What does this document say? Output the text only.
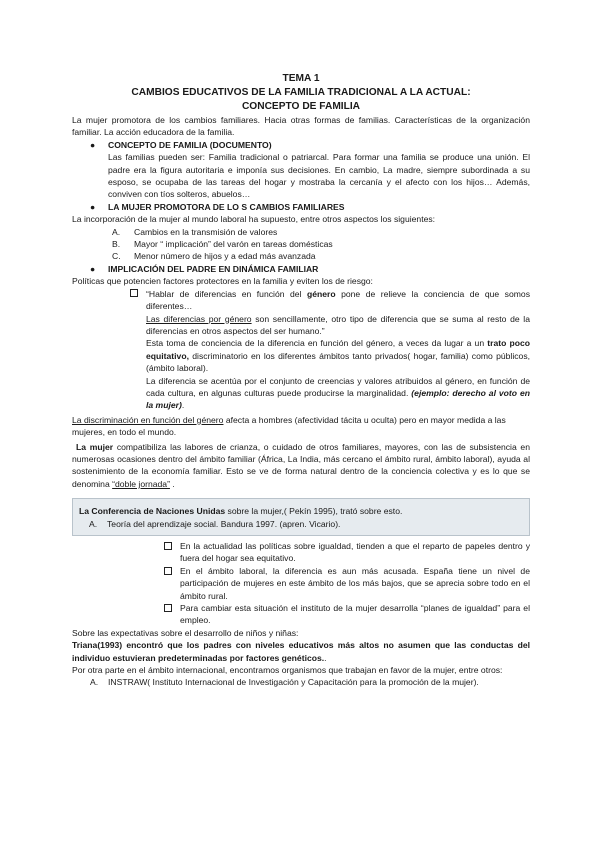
TEMA 1
CAMBIOS EDUCATIVOS DE LA FAMILIA TRADICIONAL A LA ACTUAL:
CONCEPTO DE FAMILIA

La mujer promotora de los cambios familiares. Hacia otras formas de familias. Características de la organización familiar. La acción educadora de la familia.

● CONCEPTO DE FAMILIA (DOCUMENTO)

Las familias pueden ser: Familia tradicional o patriarcal. Para formar una familia se produce una unión. El padre era la figura autoritaria e imponía sus decisiones. En cambio, La madre, siempre subordinada a su esposo, se ocupaba de las tareas del hogar y mostraba la cercanía y el afecto con los hijos… Además, conviven con tíos solteros, abuelos…

● LA MUJER PROMOTORA DE LO S CAMBIOS FAMILIARES

La incorporación de la mujer al mundo laboral ha supuesto, entre otros aspectos los siguientes:

A. Cambios en la transmisión de valores
B. Mayor “ implicación” del varón en tareas domésticas
C. Menor número de hijos y a edad más avanzada
● IMPLICACIÓN DEL PADRE EN DINÁMICA FAMILIAR

Políticas que potencien factores protectores en la familia y eviten los de riesgo:

“Hablar de diferencias en función del género pone de relieve la conciencia de que somos diferentes…

Las diferencias por género son sencillamente, otro tipo de diferencia que se suma al resto de la diferencias en otros aspectos del ser humano.”

Esta toma de conciencia de la diferencia en función del género, a veces da lugar a un trato poco equitativo, discriminatorio en los diferentes ámbitos tanto privados( hogar, familia) como públicos, (ámbito laboral).

La diferencia se acentúa por el conjunto de creencias y valores atribuidos al género, en función de cada cultura, en algunas culturas puede producirse la marginalidad. (ejemplo: derecho al voto en la mujer).

La discriminación en función del género afecta a hombres (afectividad tácita u oculta) pero en mayor medida a las mujeres, en todo el mundo.

La mujer compatibiliza las labores de crianza, o cuidado de otros familiares, mayores, con las de subsistencia en numerosas ocasiones dentro del ámbito familiar (África, La India, más cercano el ámbito rural, ámbito laboral), ayuda al sostenimiento de la economía familiar. Esto se ve de forma natural dentro de la conciencia colectiva y es lo que se denomina “doble jornada” .

La Conferencia de Naciones Unidas sobre la mujer,( Pekín 1995), trató sobre esto.
A. Teoría del aprendizaje social. Bandura 1997. (apren. Vicario).
En la actualidad las políticas sobre igualdad, tienden a que el reparto de papeles dentro y fuera del hogar sea equitativo.
En el ámbito laboral, la diferencia es aun más acusada. España tiene un nivel de participación de mujeres en este ámbito de los más bajos, que se aprecia sobre todo en el ámbito rural.
Para cambiar esta situación el instituto de la mujer desarrolla “planes de igualdad” para el empleo.

Sobre las expectativas sobre el desarrollo de niños y niñas:

Triana(1993) encontró que los padres con niveles educativos más altos no asumen que las conductas del individuo estuvieran predeterminadas por factores genéticos..

Por otra parte en el ámbito internacional, encontramos organismos que trabajan en favor de la mujer, entre otros:

A. INSTRAW( Instituto Internacional de Investigación y Capacitación para la promoción de la mujer).
